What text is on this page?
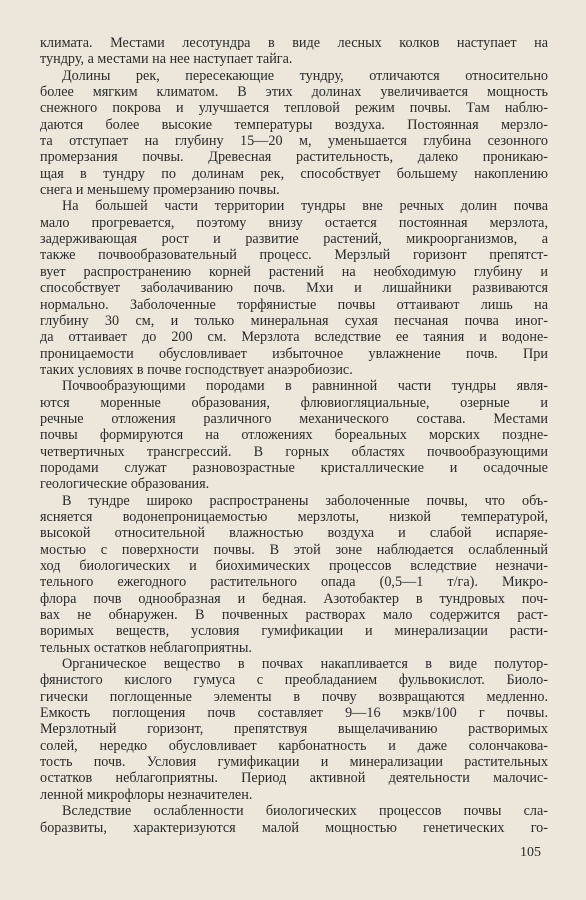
климата. Местами лесотундра в виде лесных колков наступает на
тундру, а местами на нее наступает тайга.
Долины рек, пересекающие тундру, отличаются относительно
более мягким климатом. В этих долинах увеличивается мощность
снежного покрова и улучшается тепловой режим почвы. Там наблю-
даются более высокие температуры воздуха. Постоянная мерзло-
та отступает на глубину 15—20 м, уменьшается глубина сезонного
промерзания почвы. Древесная растительность, далеко проникаю-
щая в тундру по долинам рек, способствует большему накоплению
снега и меньшему промерзанию почвы.
На большей части территории тундры вне речных долин почва
мало прогревается, поэтому внизу остается постоянная мерзлота,
задерживающая рост и развитие растений, микроорганизмов, а
также почвообразовательный процесс. Мерзлый горизонт препятст-
вует распространению корней растений на необходимую глубину и
способствует заболачиванию почв. Мхи и лишайники развиваются
нормально. Заболоченные торфянистые почвы оттаивают лишь на
глубину 30 см, и только минеральная сухая песчаная почва иног-
да оттаивает до 200 см. Мерзлота вследствие ее таяния и водоне-
проницаемости обусловливает избыточное увлажнение почв. При
таких условиях в почве господствует анаэробиозис.
Почвообразующими породами в равнинной части тундры явля-
ются моренные образования, флювиогляциальные, озерные и
речные отложения различного механического состава. Местами
почвы формируются на отложениях бореальных морских поздне-
четвертичных трансгрессий. В горных областях почвообразующими
породами служат разновозрастные кристаллические и осадочные
геологические образования.
В тундре широко распространены заболоченные почвы, что объ-
ясняется водонепроницаемостью мерзлоты, низкой температурой,
высокой относительной влажностью воздуха и слабой испаряе-
мостью с поверхности почвы. В этой зоне наблюдается ослабленный
ход биологических и биохимических процессов вследствие незначи-
тельного ежегодного растительного опада (0,5—1 т/га). Микро-
флора почв однообразная и бедная. Азотобактер в тундровых поч-
вах не обнаружен. В почвенных растворах мало содержится раст-
воримых веществ, условия гумификации и минерализации расти-
тельных остатков неблагоприятны.
Органическое вещество в почвах накапливается в виде полутор-
фянистого кислого гумуса с преобладанием фульвокислот. Биоло-
гически поглощенные элементы в почву возвращаются медленно.
Емкость поглощения почв составляет 9—16 мэкв/100 г почвы.
Мерзлотный горизонт, препятствуя выщелачиванию растворимых
солей, нередко обусловливает карбонатность и даже солончакова-
тость почв. Условия гумификации и минерализации растительных
остатков неблагоприятны. Период активной деятельности малочис-
ленной микрофлоры незначителен.
Вследствие ослабленности биологических процессов почвы сла-
боразвиты, характеризуются малой мощностью генетических го-
105
